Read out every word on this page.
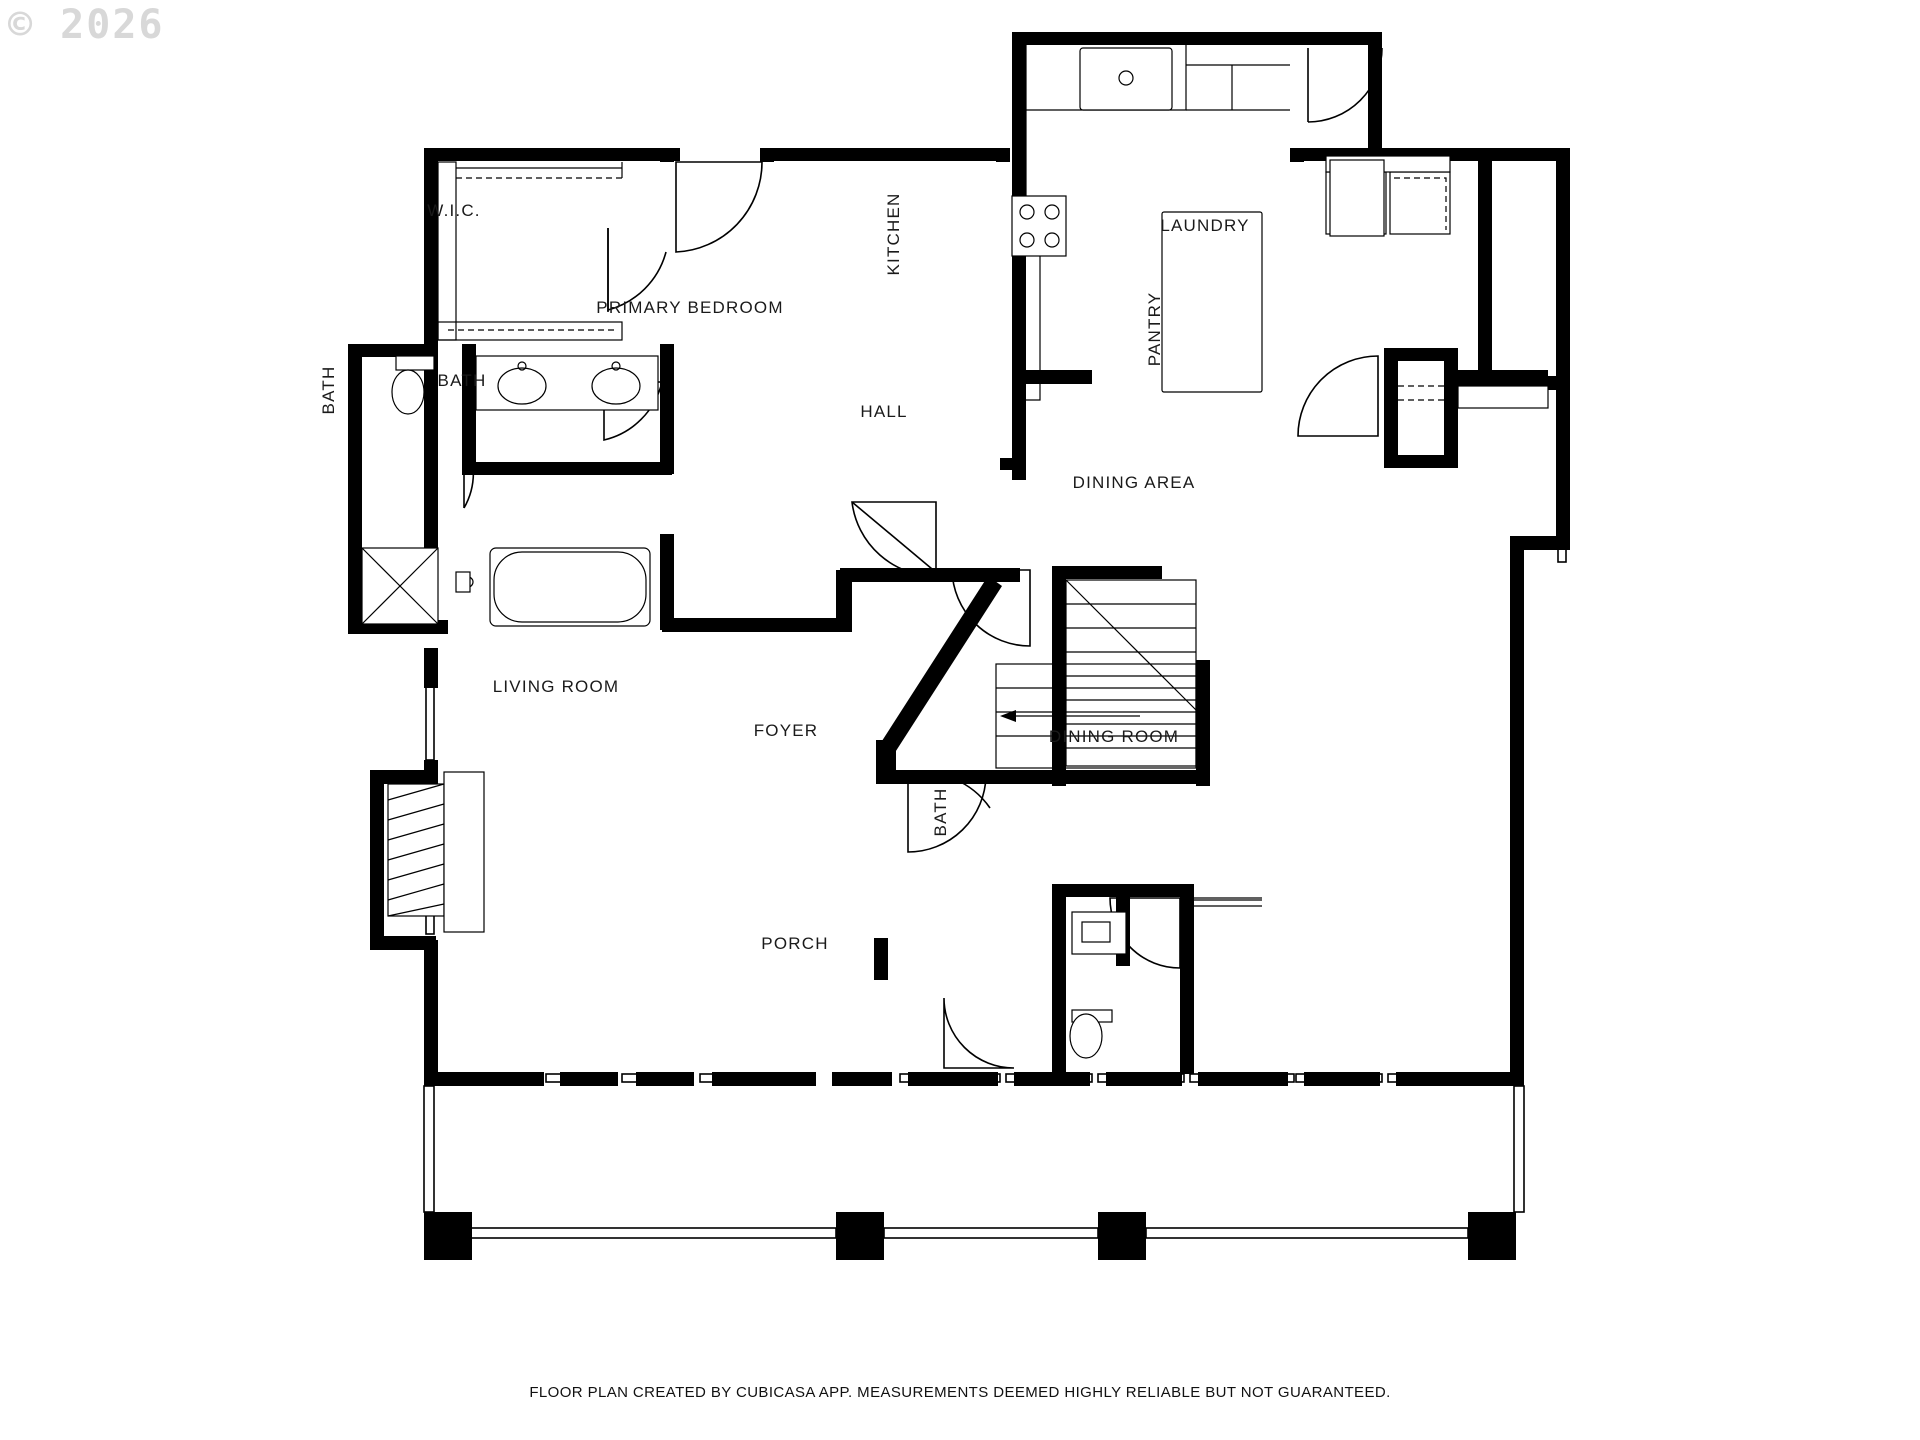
© 2026
W.I.C.
PRIMARY BEDROOM
BATH
BATH
KITCHEN	LAUNDRY
PANTRY
HALL
DINING AREA
LIVING ROOM
FOYER	DINING ROOM
BATH
PORCH
FLOOR PLAN CREATED BY CUBICASA APP. MEASUREMENTS DEEMED HIGHLY RELIABLE BUT NOT GUARANTEED.
